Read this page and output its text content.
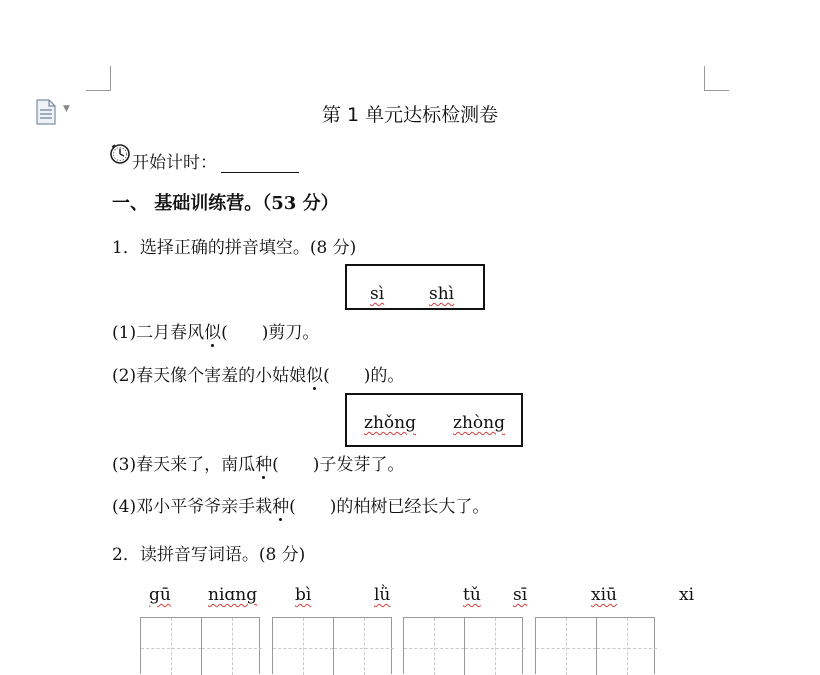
▼	第 1 单元达标检测卷
开始计时：
一、 基础训练营。（53 分）
1．选择正确的拼音填空。(8 分)
sì	shì
(1)二月春风似(　　)剪刀。
(2)春天像个害羞的小姑娘似(　　)的。
zhǒng zhòng
(3)春天来了，南瓜种(　　)子发芽了。
(4)邓小平爷爷亲手栽种(　　)的柏树已经长大了。
2．读拼音写词语。(8 分)
gū niɑng bì	lǜ	tǔ sī	xiū	xi
